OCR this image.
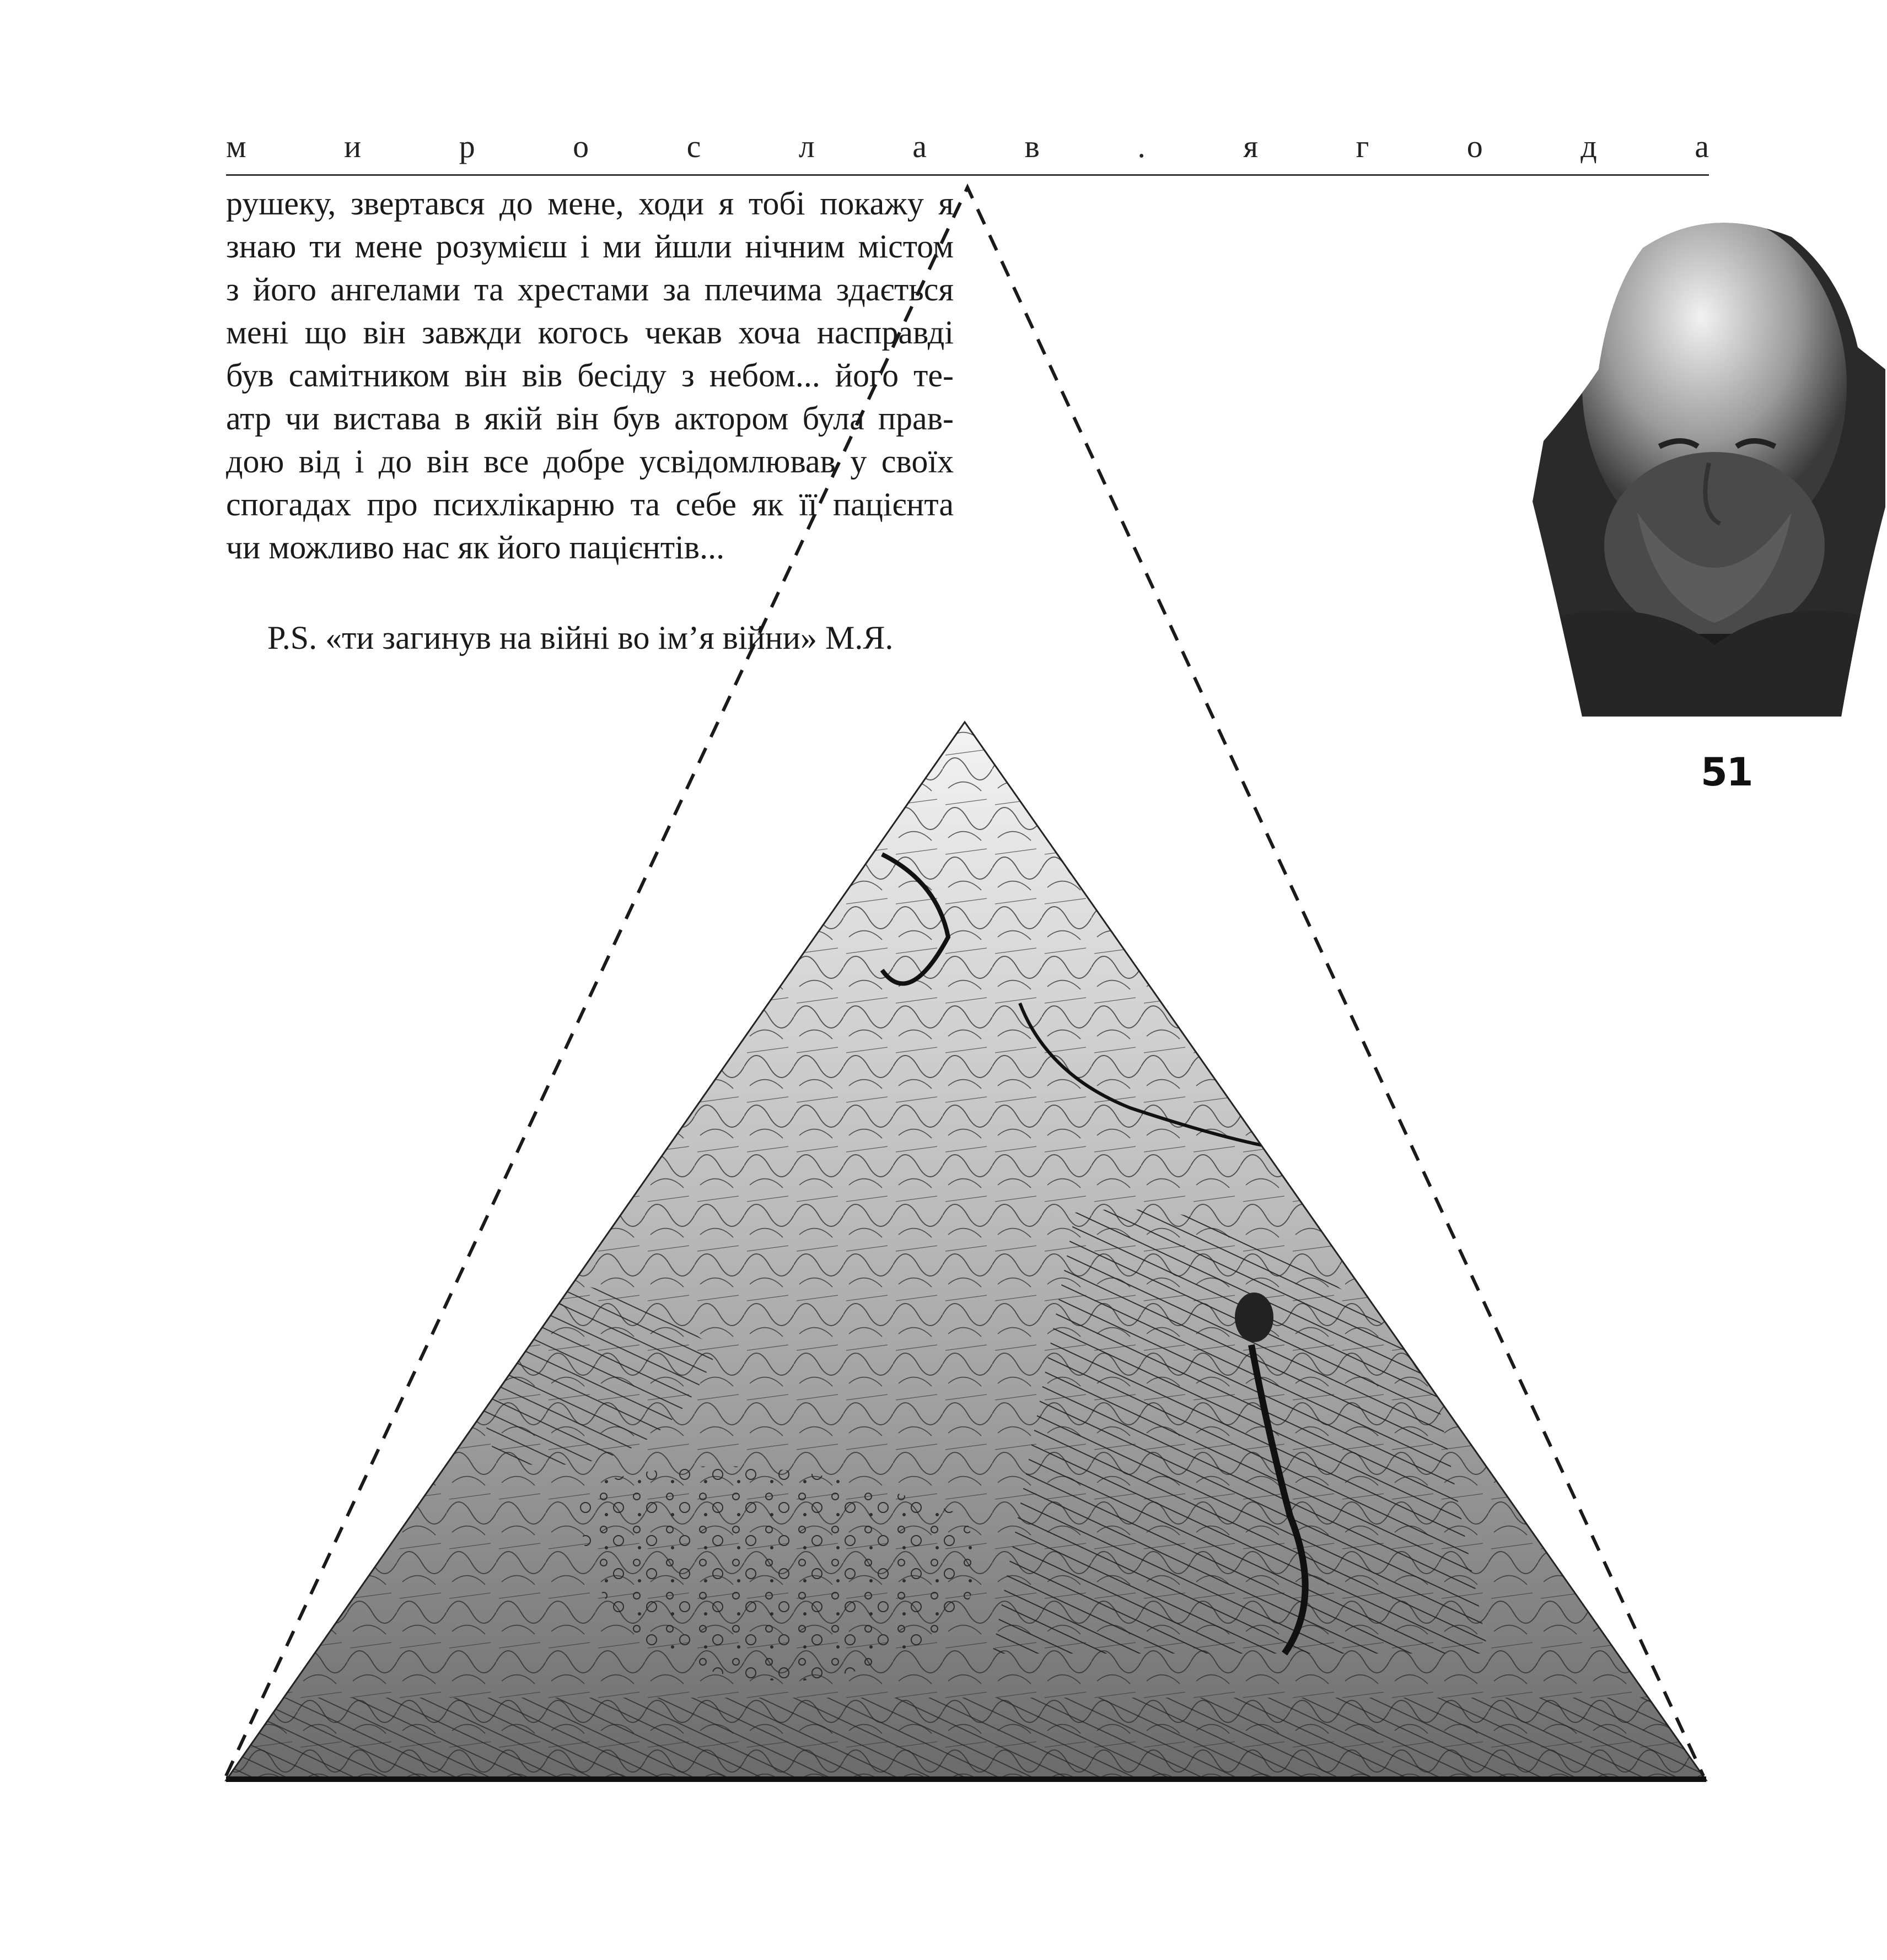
м	и	р	о	с	л	а	в	.	я	г	о	д	а
рушеку, звертався до мене, ходи я тобі покажу я
знаю ти мене розумієш і ми йшли нічним містом
з його ангелами та хрестами за плечима здається
мені що він завжди когось чекав хоча насправді
був самітником він вів бесіду з небом... його те-
атр чи вистава в якій він був актором була прав-
дою від і до він все добре усвідомлював у своїх
спогадах про психлікарню та себе як її пацієнта
чи можливо нас як його пацієнтів...
P.S. «ти загинув на війні во ім’я війни» М.Я.
51
